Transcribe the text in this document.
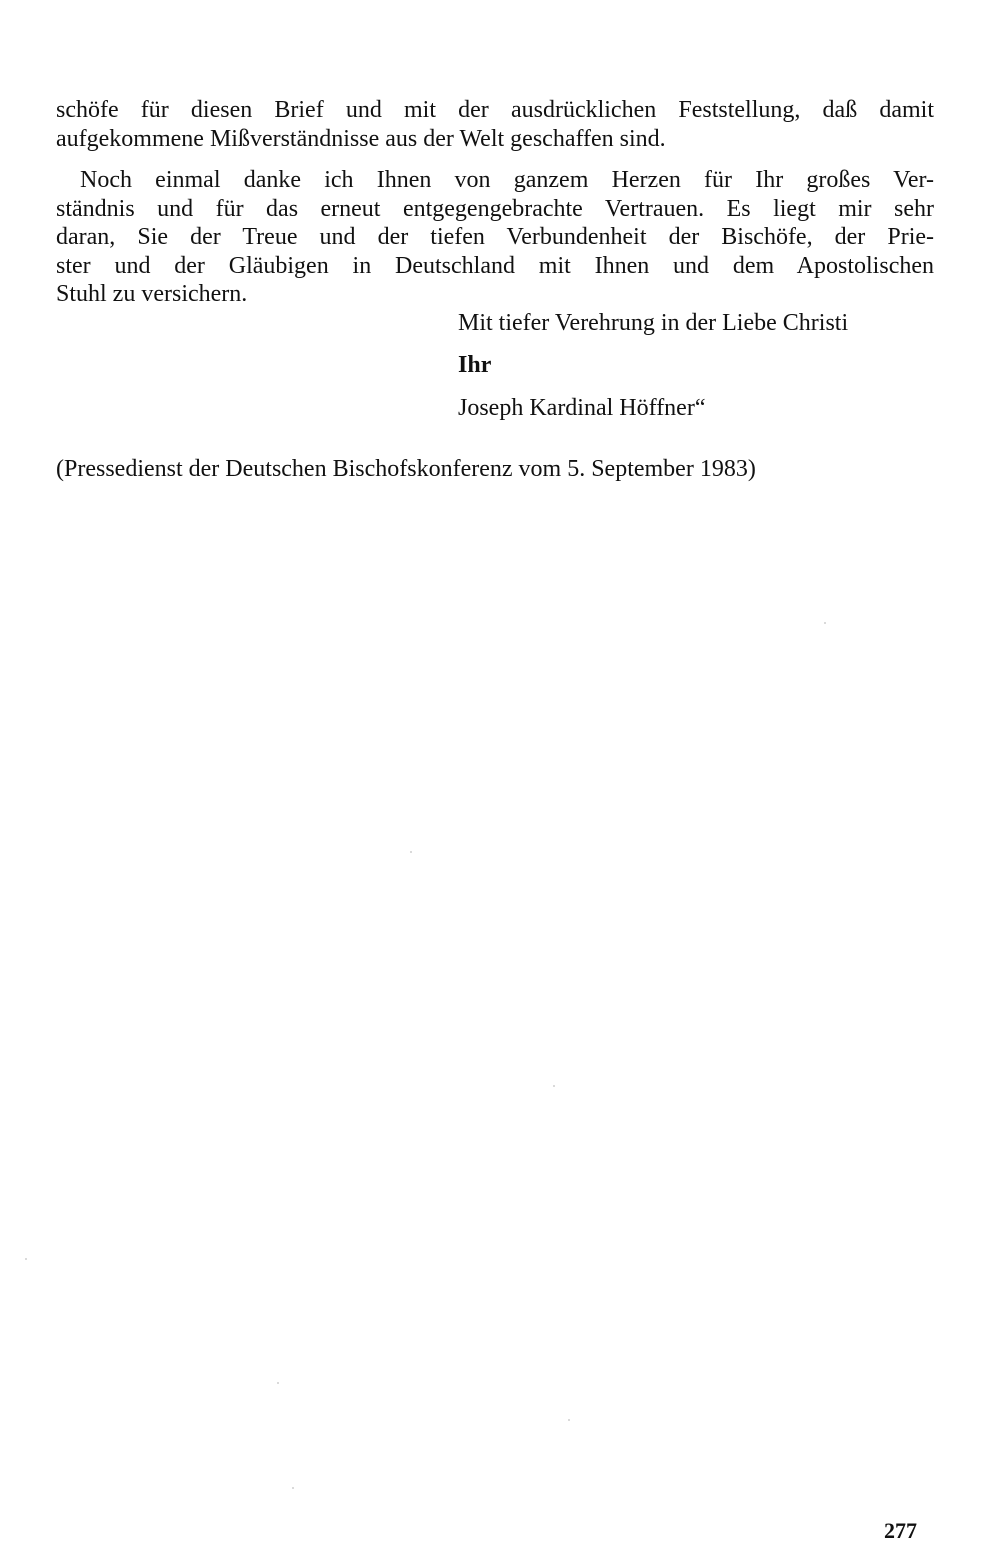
schöfe für diesen Brief und mit der ausdrücklichen Feststellung, daß damit
aufgekommene Mißverständnisse aus der Welt geschaffen sind.
Noch einmal danke ich Ihnen von ganzem Herzen für Ihr großes Ver-
ständnis und für das erneut entgegengebrachte Vertrauen. Es liegt mir sehr
daran, Sie der Treue und der tiefen Verbundenheit der Bischöfe, der Prie-
ster und der Gläubigen in Deutschland mit Ihnen und dem Apostolischen
Stuhl zu versichern.
Mit tiefer Verehrung in der Liebe Christi
Ihr
Joseph Kardinal Höffner“
(Pressedienst der Deutschen Bischofskonferenz vom 5. September 1983)
277
